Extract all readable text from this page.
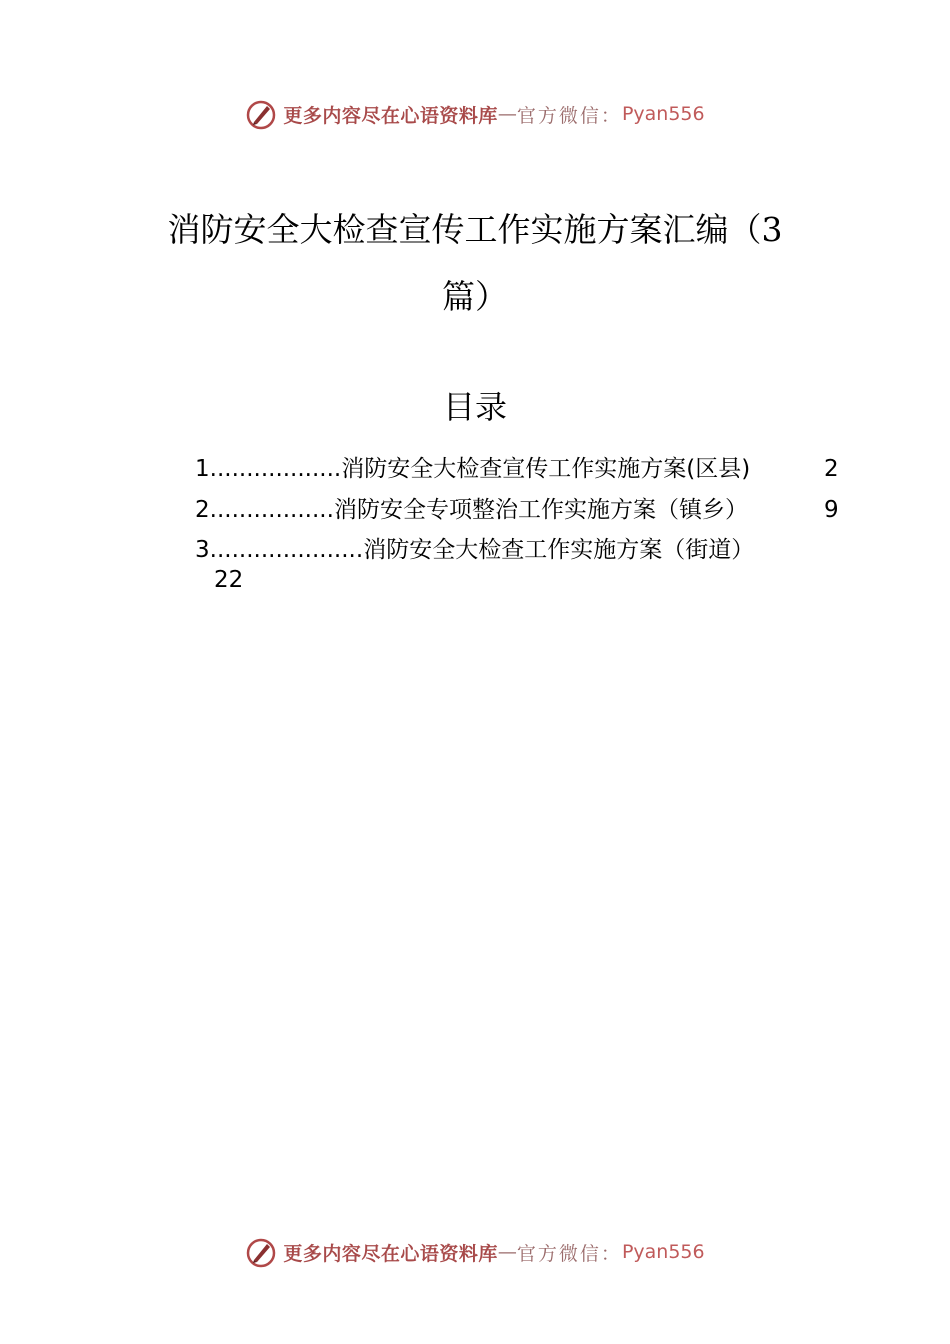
更多内容尽在心语资料库 — 官方微信： Pyan556
消防安全大检查宣传工作实施方案汇编（3
篇）
目录
1..................消防安全大检查宣传工作实施方案(区县)	2
2.................消防安全专项整治工作实施方案（镇乡）	9
3.....................消防安全大检查工作实施方案（街道）
22
更多内容尽在心语资料库 — 官方微信： Pyan556
